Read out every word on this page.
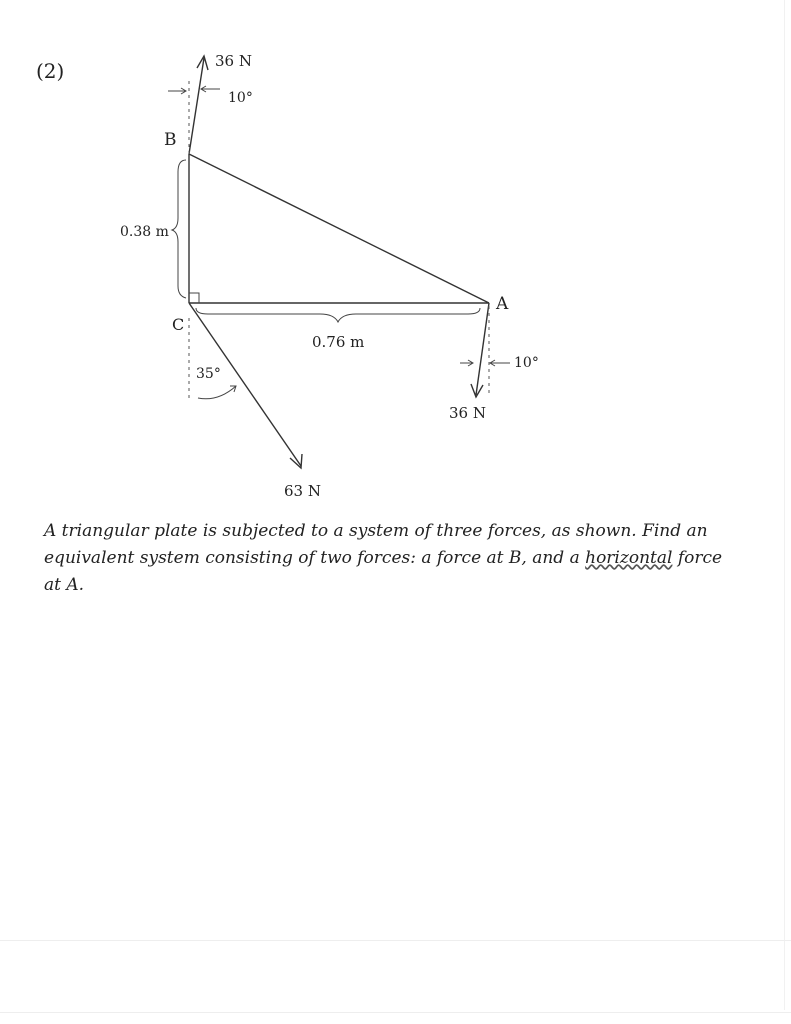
(2)	36 N
10°
36 N
10°
35°
63 N
0.38 m
0.76 m
B
C
A

A triangular plate is subjected to a system of three forces, as shown. Find an equivalent system consisting of two forces: a force at B, and a horizontal force at A.
